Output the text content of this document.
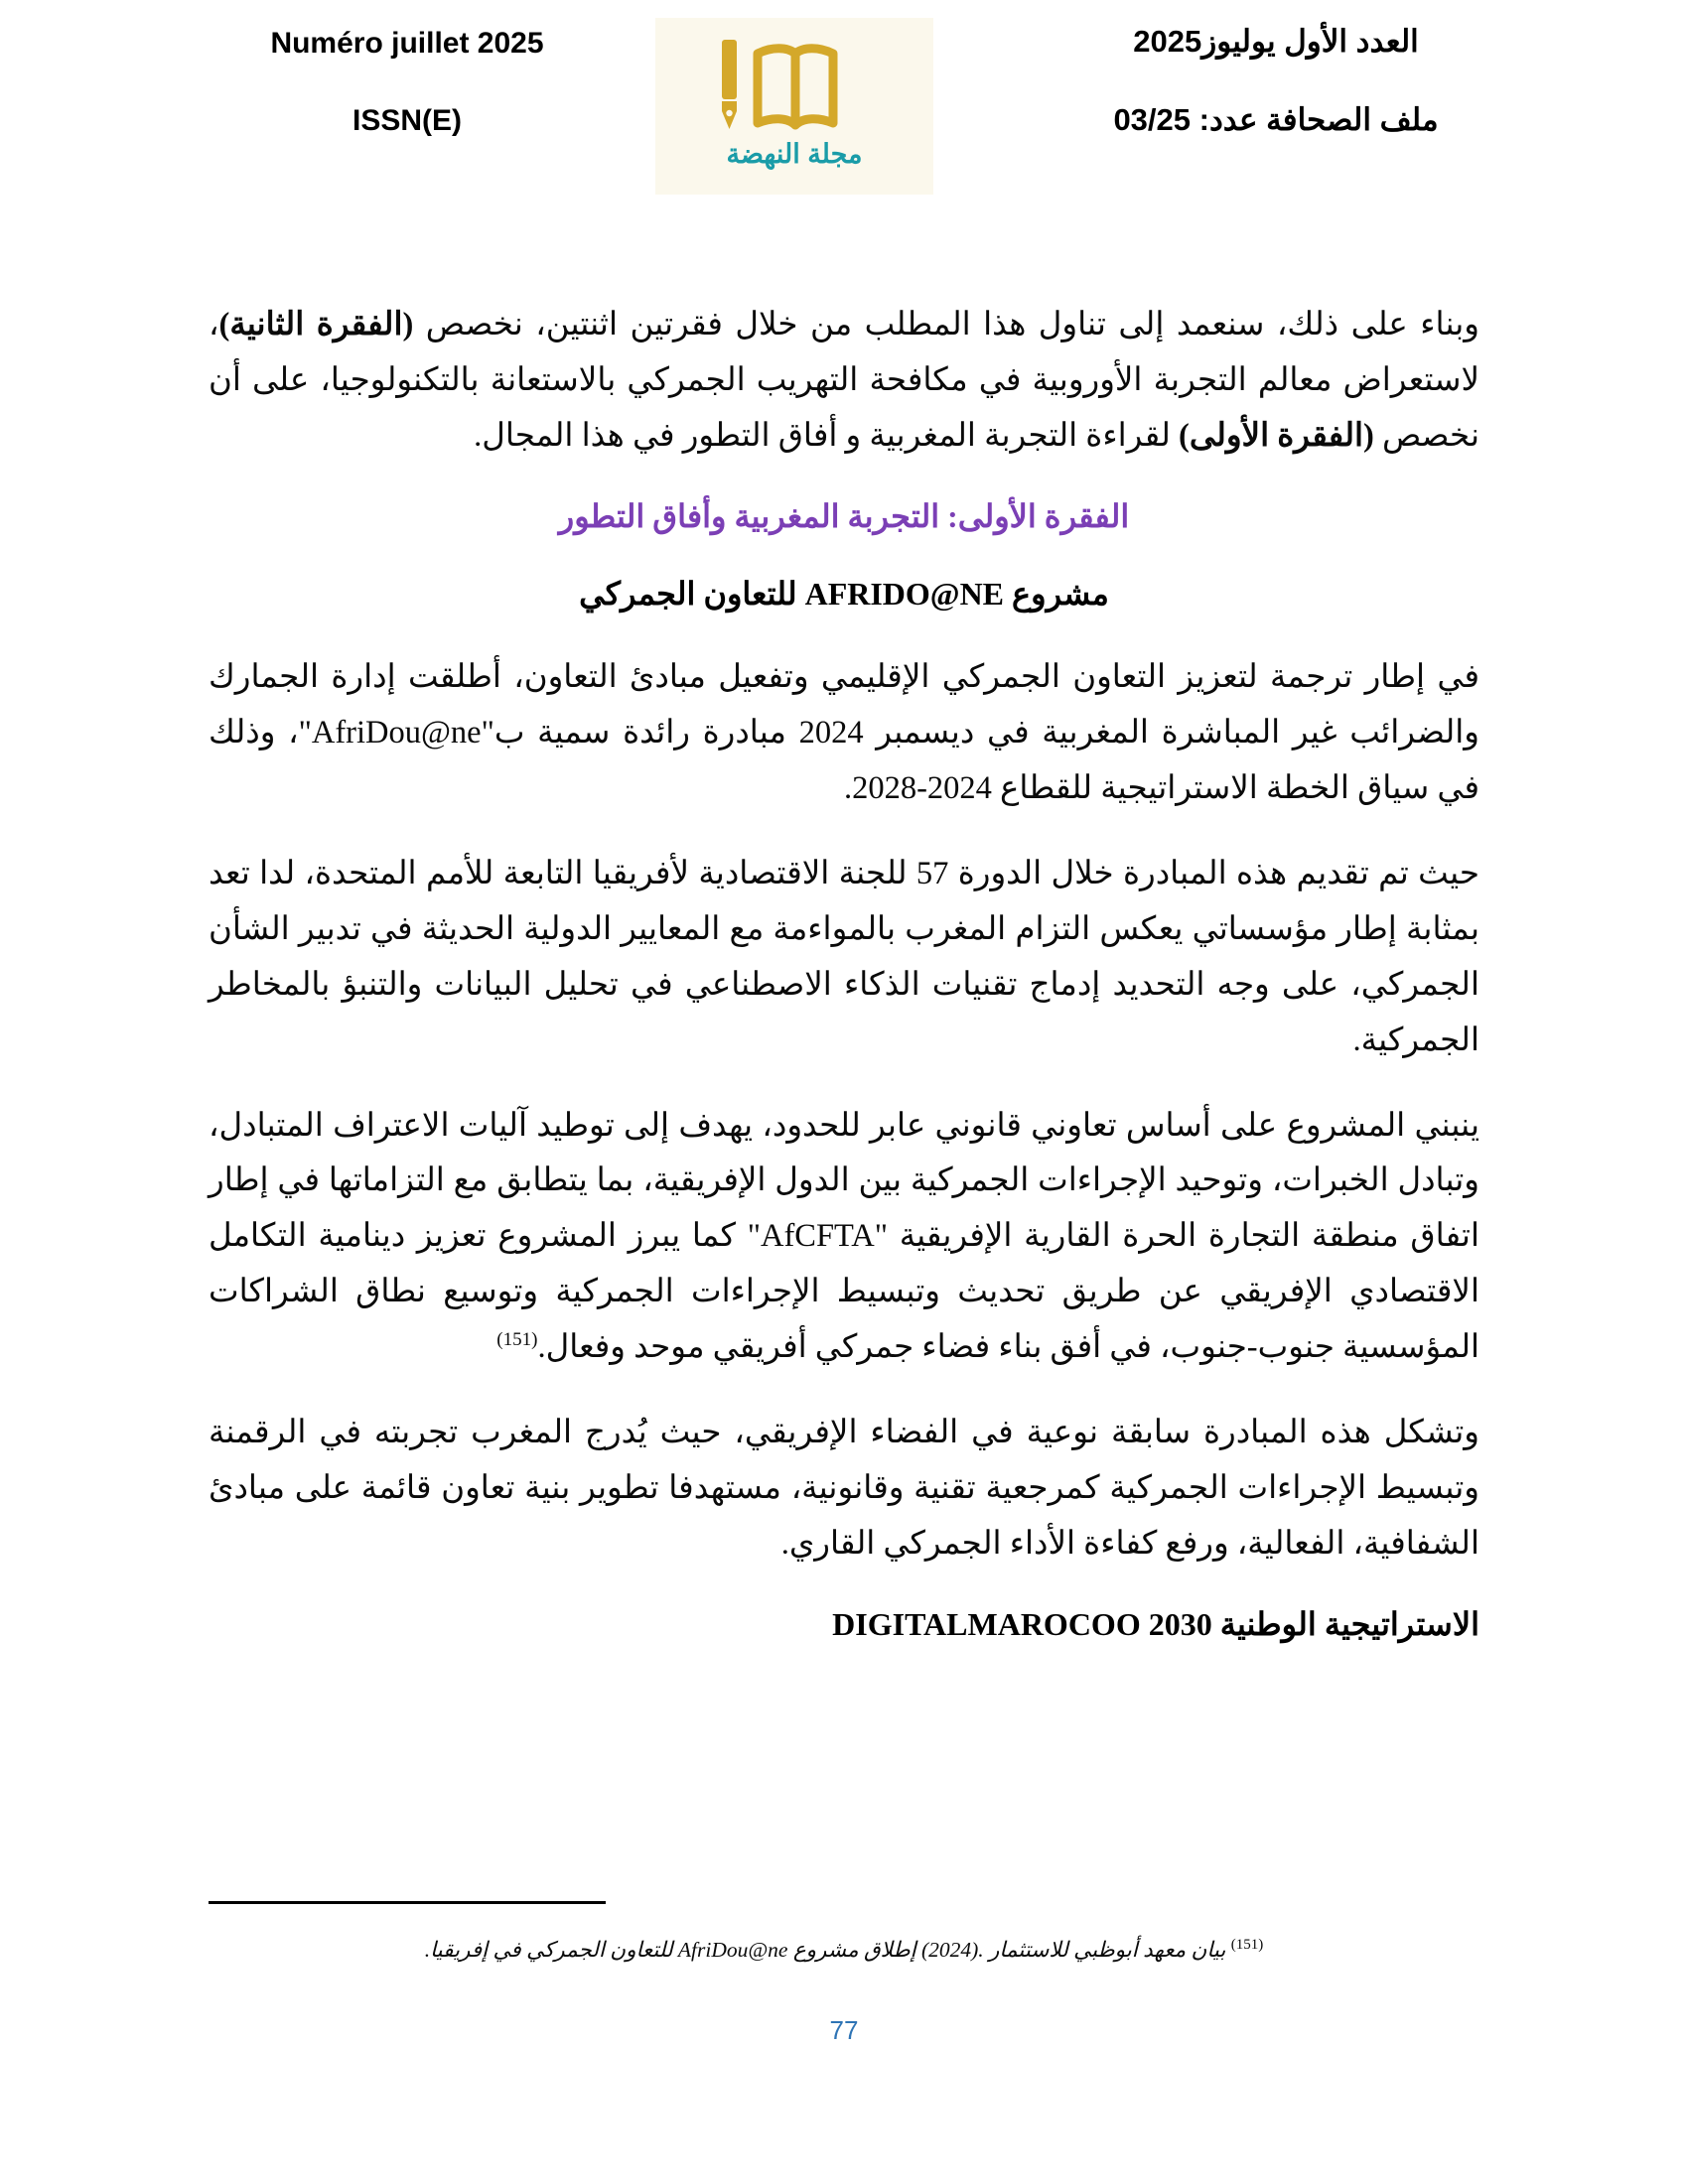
Numéro juillet 2025
ISSN(E)
مجلة النهضة
العدد الأول يوليوز2025
ملف الصحافة عدد: 03/25

وبناء على ذلك، سنعمد إلى تناول هذا المطلب من خلال فقرتين اثنتين، نخصص (الفقرة الثانية)، لاستعراض معالم التجربة الأوروبية في مكافحة التهريب الجمركي بالاستعانة بالتكنولوجيا، على أن نخصص (الفقرة الأولى) لقراءة التجربة المغربية و أفاق التطور في هذا المجال.

الفقرة الأولى: التجربة المغربية وأفاق التطور
مشروع AFRIDO@NE للتعاون الجمركي

في إطار ترجمة لتعزيز التعاون الجمركي الإقليمي وتفعيل مبادئ التعاون، أطلقت إدارة الجمارك والضرائب غير المباشرة المغربية في ديسمبر 2024 مبادرة رائدة سمية ب"AfriDou@ne"، وذلك في سياق الخطة الاستراتيجية للقطاع 2024-2028.

حيث تم تقديم هذه المبادرة خلال الدورة 57 للجنة الاقتصادية لأفريقيا التابعة للأمم المتحدة، لدا تعد بمثابة إطار مؤسساتي يعكس التزام المغرب بالمواءمة مع المعايير الدولية الحديثة في تدبير الشأن الجمركي، على وجه التحديد إدماج تقنيات الذكاء الاصطناعي في تحليل البيانات والتنبؤ بالمخاطر الجمركية.

ينبني المشروع على أساس تعاوني قانوني عابر للحدود، يهدف إلى توطيد آليات الاعتراف المتبادل، وتبادل الخبرات، وتوحيد الإجراءات الجمركية بين الدول الإفريقية، بما يتطابق مع التزاماتها في إطار اتفاق منطقة التجارة الحرة القارية الإفريقية "AfCFTA" كما يبرز المشروع تعزيز دينامية التكامل الاقتصادي الإفريقي عن طريق تحديث وتبسيط الإجراءات الجمركية وتوسيع نطاق الشراكات المؤسسية جنوب-جنوب، في أفق بناء فضاء جمركي أفريقي موحد وفعال.$^{(151)}$

وتشكل هذه المبادرة سابقة نوعية في الفضاء الإفريقي، حيث يُدرج المغرب تجربته في الرقمنة وتبسيط الإجراءات الجمركية كمرجعية تقنية وقانونية، مستهدفا تطوير بنية تعاون قائمة على مبادئ الشفافية، الفعالية، ورفع كفاءة الأداء الجمركي القاري.

الاستراتيجية الوطنية DIGITALMAROCOO 2030
$^{(151)}$ بيان معهد أبوظبي للاستثمار .(2024) إطلاق مشروع AfriDou@ne للتعاون الجمركي في إفريقيا.
77
